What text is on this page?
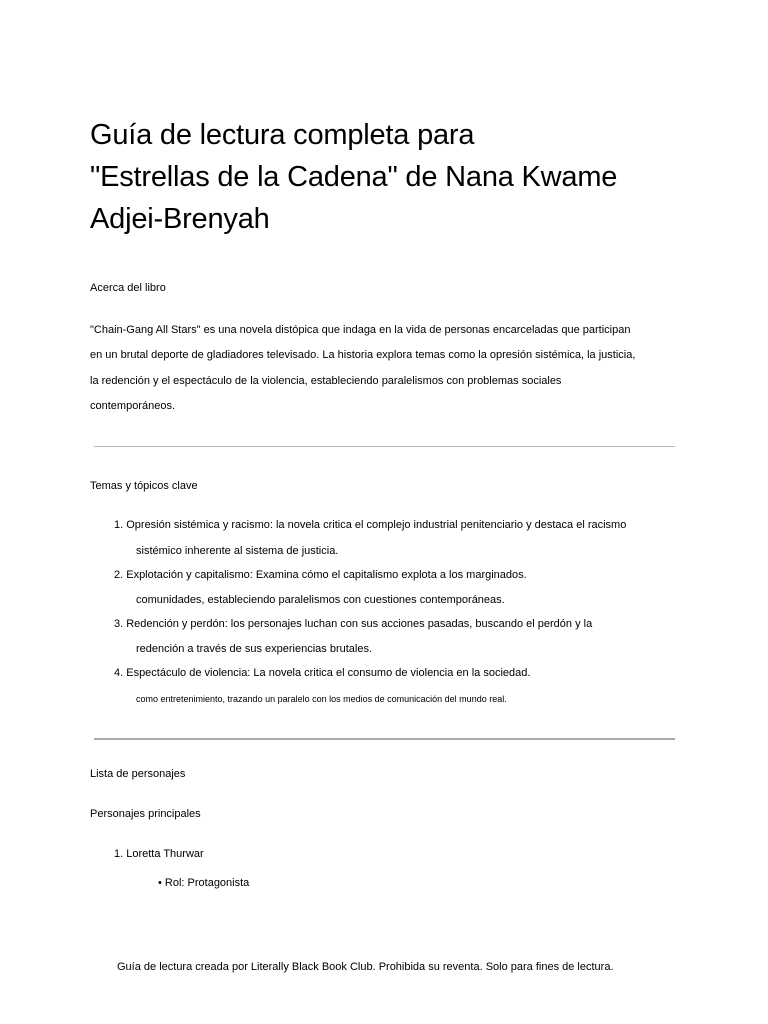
Guía de lectura completa para
"Estrellas de la Cadena" de Nana Kwame
Adjei-Brenyah
Acerca del libro
"Chain-Gang All Stars" es una novela distópica que indaga en la vida de personas encarceladas que participan
en un brutal deporte de gladiadores televisado. La historia explora temas como la opresión sistémica, la justicia,
la redención y el espectáculo de la violencia, estableciendo paralelismos con problemas sociales
contemporáneos.
Temas y tópicos clave
1. Opresión sistémica y racismo: la novela critica el complejo industrial penitenciario y destaca el racismo
sistémico inherente al sistema de justicia.
2. Explotación y capitalismo: Examina cómo el capitalismo explota a los marginados.
comunidades, estableciendo paralelismos con cuestiones contemporáneas.
3. Redención y perdón: los personajes luchan con sus acciones pasadas, buscando el perdón y la
redención a través de sus experiencias brutales.
4. Espectáculo de violencia: La novela critica el consumo de violencia en la sociedad.
como entretenimiento, trazando un paralelo con los medios de comunicación del mundo real.
Lista de personajes
Personajes principales
1. Loretta Thurwar
• Rol: Protagonista
Guía de lectura creada por Literally Black Book Club. Prohibida su reventa. Solo para fines de lectura.
